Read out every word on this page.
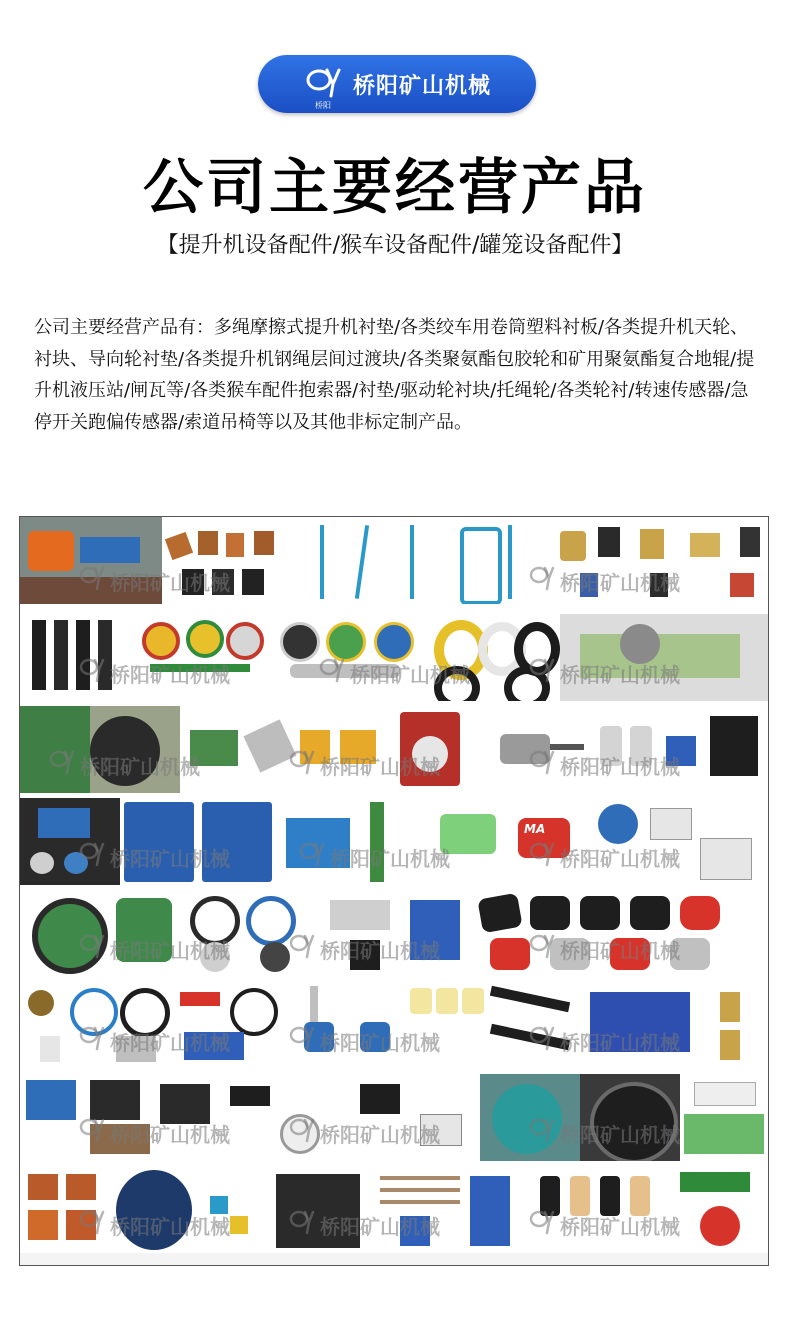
桥阳
桥阳矿山机械
公司主要经营产品
【提升机设备配件/猴车设备配件/罐笼设备配件】
公司主要经营产品有：多绳摩擦式提升机衬垫/各类绞车用卷筒塑料衬板/各类提升机天轮、衬块、导向轮衬垫/各类提升机钢绳层间过渡块/各类聚氨酯包胶轮和矿用聚氨酯复合地辊/提升机液压站/闸瓦等/各类猴车配件抱索器/衬垫/驱动轮衬块/托绳轮/各类轮衬/转速传感器/急停开关跑偏传感器/索道吊椅等以及其他非标定制产品。
MA
桥阳矿山机械	桥阳矿山机械
桥阳矿山机械	桥阳矿山机械	桥阳矿山机械
桥阳矿山机械	桥阳矿山机械	桥阳矿山机械
桥阳矿山机械	桥阳矿山机械	桥阳矿山机械
桥阳矿山机械	桥阳矿山机械	桥阳矿山机械
桥阳矿山机械	桥阳矿山机械	桥阳矿山机械
桥阳矿山机械	桥阳矿山机械	桥阳矿山机械
桥阳矿山机械	桥阳矿山机械	桥阳矿山机械
